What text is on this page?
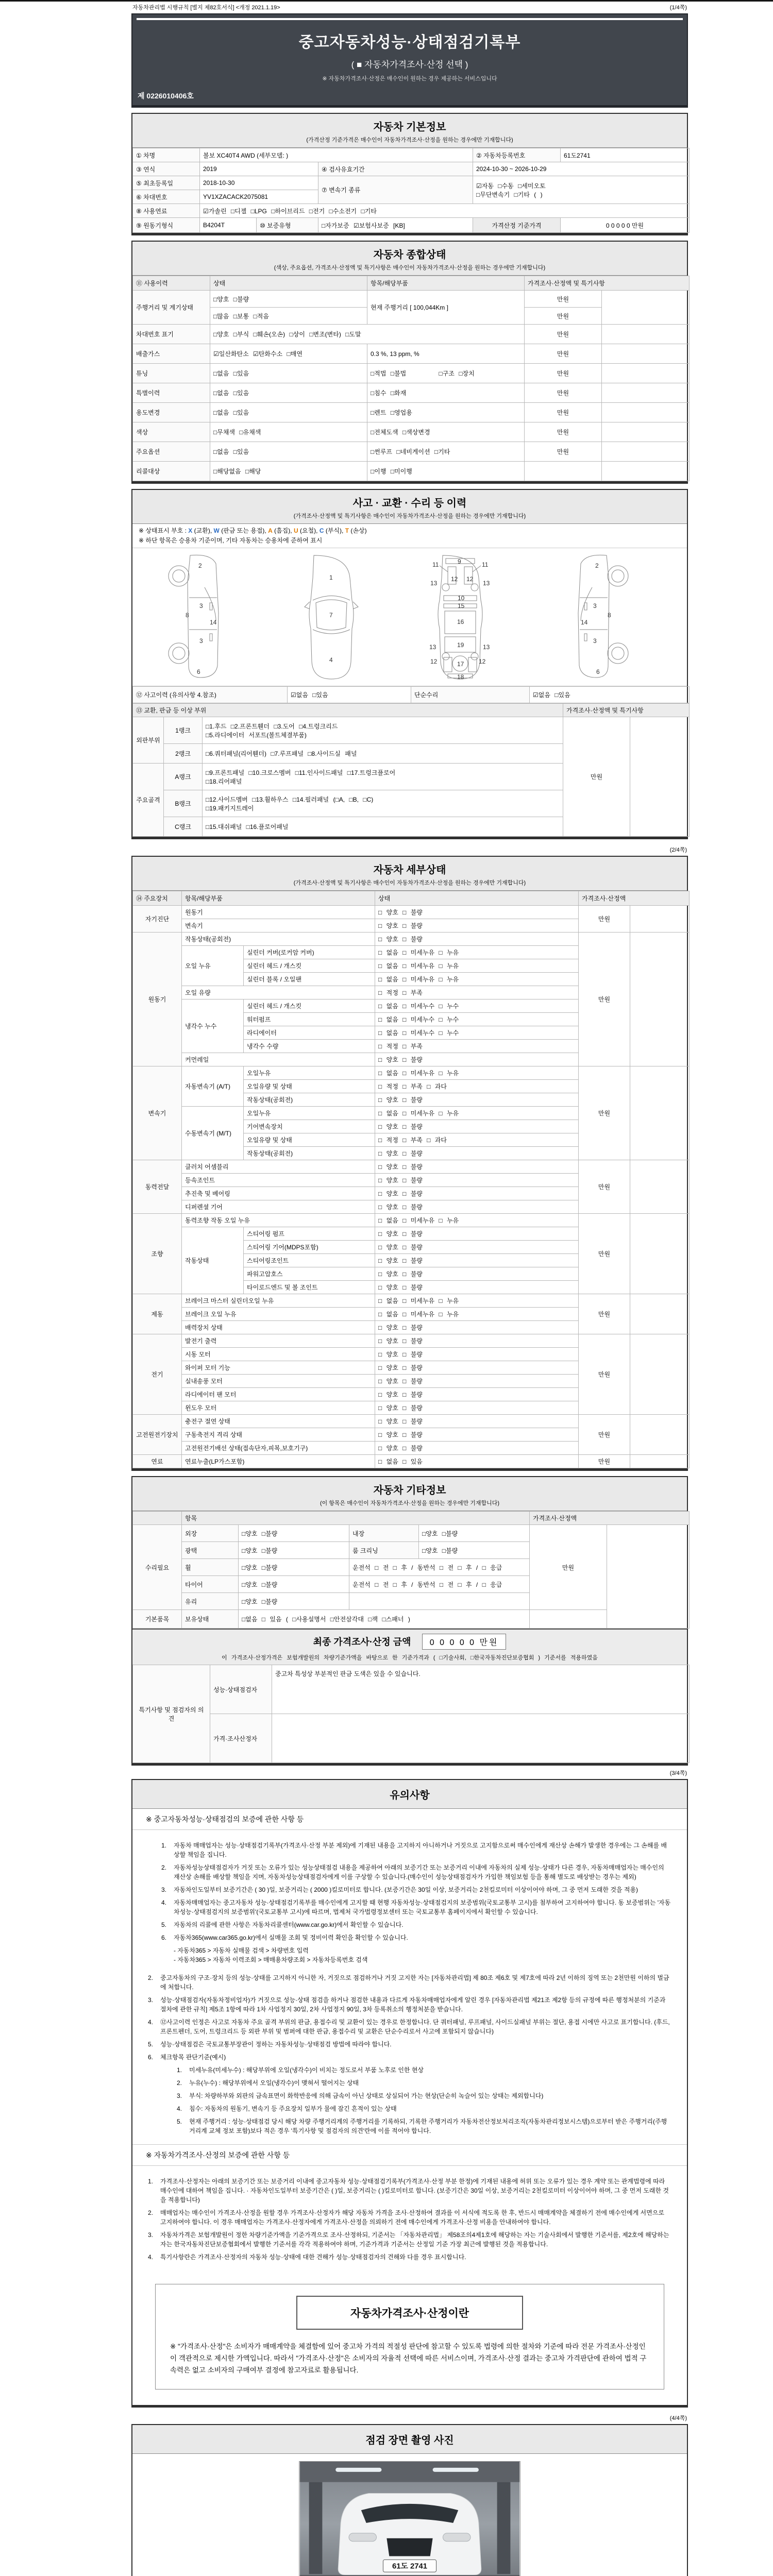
자동차관리법 시행규칙 [별지 제82호서식] <개정 2021.1.19>	(1/4쪽)
중고자동차성능·상태점검기록부
( ■ 자동차가격조사·산정 선택 )
※ 자동차가격조사·산정은 매수인이 원하는 경우 제공하는 서비스입니다
제 0226010406호
자동차 기본정보
(가격산정 기준가격은 매수인이 자동차가격조사·산정을 원하는 경우에만 기재합니다)
① 차명	볼보 XC40T4 AWD (세부모델: )			② 자동차등록번호	61도2741
③ 연식	2019		④ 검사유효기간	2024-10-30 ~ 2026-10-29	
⑤ 최초등록일	2018-10-30		⑦ 변속기 종류	☑자동 □수동 □세미오토
□무단변속기 □기타 ( )	

⑥ 차대번호	YV1XZACACK2075081				
⑧ 사용연료	☑가솔린 □디젤 □LPG □하이브리드 □전기 □수소전기 □기타				
⑨ 원동기형식	B4204T	⑩ 보증유형	□자가보증 ☑보험사보증 [KB]	가격산정 기준가격	0 0 0 0 0 만원
자동차 종합상태
(색상, 주요옵션, 가격조사·산정액 및 특기사항은 매수인이 자동차가격조사·산정을 원하는 경우에만 기재합니다)
⑪ 사용이력	상태	항목/해당부품	가격조사·산정액 및 특기사항	
주행거리 및 계기상태	□양호 □불량	현재 주행거리 [ 100,044Km ]	만원	
	□많음 □보통 □적음		만원	
차대번호 표기	□양호 □부식 □훼손(오손) □상이 □변조(변타) □도말		만원	
배출가스	☑일산화탄소 ☑탄화수소 □매연	0.3 %, 13 ppm, %	만원	
튜닝	□없음 □있음	□적법 □불법 □구조 □장치	만원	
특별이력	□없음 □있음	□침수 □화재	만원	
용도변경	□없음 □있음	□렌트 □영업용	만원	
색상	□무채색 □유채색	□전체도색 □색상변경	만원	
주요옵션	□없음 □있음	□썬루프 □네비게이션 □기타	만원	
리콜대상	□해당없음 □해당	□이행 □미이행		
사고 · 교환 · 수리 등 이력
(가격조사·산정액 및 특기사항은 매수인이 자동차가격조사·산정을 원하는 경우에만 기재합니다)
※ 상태표시 부호 : X (교환), W (판금 또는 용접), A (흠집), U (요철), C (부식), T (손상)
※ 하단 항목은 승용차 기준이며, 기타 자동차는 승용차에 준하여 표시
2
3
3
8
14
6
1
7
4
11	9	11
13
12 12
13
10
15
16
13	19	13
12	17 12
18
2
3
3
8
14
6
⑫ 사고이력 (유의사항 4.참조)	☑없음 □있음	단순수리	☑없음 □있음
⑬ 교환, 판금 등 이상 부위			가격조사·산정액 및 특기사항	
외판부위	1랭크	□1.후드 □2.프론트휀더 □3.도어 □4.트렁크리드
□5.라디에이터 서포트(볼트체결부품)	만원	
	2랭크	□6.쿼터패널(리어휀더) □7.루프패널 □8.사이드실 패널		
주요골격	A랭크	□9.프론트패널 □10.크로스멤버 □11.인사이드패널 □17.트렁크플로어
□18.리어패널		

	B랭크	□12.사이드멤버 □13.휠하우스 □14.필러패널 (□A, □B, □C)
□19.패키지트레이		

	C랭크	□15.대쉬패널 □16.플로어패널		
(2/4쪽)
자동차 세부상태
(가격조사·산정액 및 특기사항은 매수인이 자동차가격조사·산정을 원하는 경우에만 기재합니다)
⑭ 주요장치	항목/해당부품		상태	가격조사·산정액	
자기진단	원동기		□ 양호 □ 불량	만원	
	변속기		□ 양호 □ 불량		
원동기	작동상태(공회전)		□ 양호 □ 불량	만원	
	오일 누유	실린더 커버(로커암 커버)	□ 없음 □ 미세누유 □ 누유		
		실린더 헤드 / 개스킷	□ 없음 □ 미세누유 □ 누유		
		실린더 블록 / 오일팬	□ 없음 □ 미세누유 □ 누유		
	오일 유량		□ 적정 □ 부족		
	냉각수 누수	실린더 헤드 / 개스킷	□ 없음 □ 미세누수 □ 누수		
		워터펌프	□ 없음 □ 미세누수 □ 누수		
		라디에이터	□ 없음 □ 미세누수 □ 누수		
		냉각수 수량	□ 적정 □ 부족		
	커먼레일		□ 양호 □ 불량		
변속기	자동변속기 (A/T)	오일누유	□ 없음 □ 미세누유 □ 누유	만원	
		오일유량 및 상태	□ 적정 □ 부족 □ 과다		
		작동상태(공회전)	□ 양호 □ 불량		
	수동변속기 (M/T)	오일누유	□ 없음 □ 미세누유 □ 누유		
		기어변속장치	□ 양호 □ 불량		
		오일유량 및 상태	□ 적정 □ 부족 □ 과다		
		작동상태(공회전)	□ 양호 □ 불량		
동력전달	클러치 어셈블리		□ 양호 □ 불량	만원	
	등속조인트		□ 양호 □ 불량		
	추진축 및 베어링		□ 양호 □ 불량		
	디퍼렌셜 기어		□ 양호 □ 불량		
조향	동력조향 작동 오일 누유		□ 없음 □ 미세누유 □ 누유	만원	
	작동상태	스티어링 펌프	□ 양호 □ 불량		
		스티어링 기어(MDPS포함)	□ 양호 □ 불량		
		스티어링조인트	□ 양호 □ 불량		
		파워고압호스	□ 양호 □ 불량		
		타이로드엔드 및 볼 조인트	□ 양호 □ 불량		
제동	브레이크 마스터 실린더오일 누유		□ 없음 □ 미세누유 □ 누유	만원	
	브레이크 오일 누유		□ 없음 □ 미세누유 □ 누유		
	배력장치 상태		□ 양호 □ 불량		
전기	발전기 출력		□ 양호 □ 불량	만원	
	시동 모터		□ 양호 □ 불량		
	와이퍼 모터 기능		□ 양호 □ 불량		
	실내송풍 모터		□ 양호 □ 불량		
	라디에이터 팬 모터		□ 양호 □ 불량		
	윈도우 모터		□ 양호 □ 불량		
고전원전기장치	충전구 절연 상태		□ 양호 □ 불량	만원	
	구동축전지 격리 상태		□ 양호 □ 불량		
	고전원전기배선 상태(접속단자,피복,보호기구)		□ 양호 □ 불량		
연료	연료누출(LP가스포함)		□ 없음 □ 있음	만원	
자동차 기타정보
(이 항목은 매수인이 자동차가격조사·산정을 원하는 경우에만 기재합니다)
	항목				가격조사·산정액	
수리필요	외장	□양호 □불량	내장	□양호 □불량	만원	
	광택	□양호 □불량	룸 크리닝	□양호 □불량		
	휠	□양호 □불량	운전석 □ 전 □ 후 / 동반석 □ 전 □ 후 / □ 응급			
	타이어	□양호 □불량	운전석 □ 전 □ 후 / 동반석 □ 전 □ 후 / □ 응급			
	유리	□양호 □불량				
기본품목	보유상태	□없음 □ 있음 ( □사용설명서 □안전삼각대 □잭 □스패너 )				
최종 가격조사·산정 금액 0 0 0 0 0 만원
이 가격조사·산정가격은 보험개발원의 차량기준가액을 바탕으로 한 기준가격과 ( □기술사회, □한국자동차진단보증협회 ) 기준서를 적용하였음
특기사항 및 점검자의 의견	성능·상태점검자	중고차 특성상 부분적인 판금 도색은 있을 수 있습니다.
	가격·조사산정자	
(3/4쪽)
유의사항
※ 중고자동차성능·상태점검의 보증에 관한 사항 등
1.	자동차 매매업자는 성능·상태점검기록부(가격조사·산정 부분 제외)에 기재된 내용을 고지하지 아니하거나 거짓으로 고지함으로써 매수인에게 재산상 손해가 발생한 경우에는 그 손해를 배상할 책임을 집니다.
2.	자동차성능상태점검자가 거짓 또는 오류가 있는 성능상태점검 내용을 제공하여 아래의 보증기간 또는 보증거리 이내에 자동차의 실제 성능·상태가 다른 경우, 자동차매매업자는 매수인의 재산상 손해를 배상할 책임을 지며, 자동차성능상태점검자에게 이를 구상할 수 있습니다.(매수인이 성능상태점검자가 가입한 책임보험 등을 통해 별도로 배상받는 경우는 제외)
3.	자동차인도일부터 보증기간은 ( 30 )일, 보증거리는 ( 2000 )킬로미터로 합니다. (보증기간은 30일 이상, 보증거리는 2천킬로미터 이상이어야 하며, 그 중 먼저 도래한 것을 적용)
4.	자동차매매업자는 중고자동차 성능·상태점검기록부를 매수인에게 고지할 때 현행 자동차성능·상태점검지의 보증범위(국토교통부 고시)를 첨부하여 고지하여야 합니다. 동 보증범위는 '자동차성능·상태점검지의 보증범위'(국토교통부 고시)에 따르며, 법제처 국가법령정보센터 또는 국토교통부 홈페이지에서 확인할 수 있습니다.
5.	자동차의 리콜에 관한 사항은 자동차리콜센터(www.car.go.kr)에서 확인할 수 있습니다.
6.	자동차365(www.car365.go.kr)에서 실매물 조회 및 정비이력 확인을 확인할 수 있습니다.
- 자동차365 > 자동차 실매물 검색 > 차량번호 입력
- 자동차365 > 자동차 이력조회 > 매매용차량조회 > 자동차등록번호 검색
2.	중고자동차의 구조·장치 등의 성능·상태를 고지하지 아니한 자, 거짓으로 점검하거나 거짓 고지한 자는 [자동차관리법] 제 80조 제6호 및 제7호에 따라 2년 이하의 징역 또는 2천만원 이하의 벌금에 처합니다.
3.	성능·상태점검자(자동차정비업자)가 거짓으로 성능·상태 점검을 하거나 점검한 내용과 다르게 자동차매매업자에게 알린 경우 [자동차관리법 제21조 제2항 등의 규정에 따른 행정처분의 기준과 절차에 관한 규칙] 제5조 1항에 따라 1차 사업정지 30일, 2차 사업정지 90일, 3차 등록취소의 행정처분을 받습니다.
4.	⑫사고이력 인정은 사고로 자동차 주요 골격 부위의 판금, 용접수리 및 교환이 있는 경우로 한정합니다. 단 쿼터패널, 루프패널, 사이드실패널 부위는 절단, 용접 시에만 사고로 표기합니다. (후드, 프론트펜더, 도어, 트렁크리드 등 외판 부위 및 범퍼에 대한 판금, 용접수리 및 교환은 단순수리로서 사고에 포함되지 않습니다)
5.	성능·상태점검은 국토교통부장관이 정하는 자동차성능·상태점검 방법에 따라야 합니다.
6.	체크항목 판단기준(예시)
1.	미세누유(미세누수) : 해당부위에 오일(냉각수)이 비치는 정도로서 부품 노후로 인한 현상
2.	누유(누수) : 해당부위에서 오일(냉각수)이 맺혀서 떨어지는 상태
3.	부식: 차량하부와 외판의 금속표면이 화학반응에 의해 금속이 아닌 상태로 상실되어 가는 현상(단순히 녹슬어 있는 상태는 제외합니다)
4.	침수: 자동차의 원동기, 변속기 등 주요장치 일부가 물에 잠긴 흔적이 있는 상태
5.	현재 주행거리 : 성능·상태점검 당시 해당 차량 주행거리계의 주행거리를 기록하되, 기록한 주행거리가 자동차전산정보처리조직(자동차관리정보시스템)으로부터 받은 주행거리(주행거리계 교체 정보 포함)보다 적은 경우 '특기사항 및 점검자의 의견'란에 이를 적어야 합니다.
※ 자동차가격조사·산정의 보증에 관한 사항 등
1.	가격조사·산정자는 아래의 보증기간 또는 보증거리 이내에 중고자동차 성능·상태점검기록부(가격조사·산정 부분 한정)에 기재된 내용에 허위 또는 오류가 있는 경우 계약 또는 관계법령에 따라 매수인에 대하여 책임을 집니다. · 자동차인도일부터 보증기간은 ( )일, 보증거리는 ( )킬로미터로 합니다. (보증기간은 30일 이상, 보증거리는 2천킬로미터 이상이어야 하며, 그 중 먼저 도래한 것을 적용합니다)
2.	매매업자는 매수인이 가격조사·산정을 원할 경우 가격조사·산정자가 해당 자동차 가격을 조사·산정하여 결과를 이 서식에 적도록 한 후, 반드시 매매계약을 체결하기 전에 매수인에게 서면으로 고지하여야 합니다. 이 경우 매매업자는 가격조사·산정자에게 가격조사·산정을 의뢰하기 전에 매수인에게 가격조사·산정 비용을 안내하여야 합니다.
3.	자동차가격은 보험개발원이 정한 차량기준가액을 기준가격으로 조사·산정하되, 기준서는 「자동차관리법」 제58조의4제1호에 해당하는 자는 기술사회에서 발행한 기준서를, 제2호에 해당하는 자는 한국자동차진단보증협회에서 발행한 기준서를 각각 적용하여야 하며, 기준가격과 기준서는 산정일 기준 가장 최근에 발행된 것을 적용합니다.
4.	특기사항란은 가격조사·산정자의 자동차 성능·상태에 대한 견해가 성능·상태점검자의 견해와 다를 경우 표시합니다.
자동차가격조사·산정이란
※ "가격조사·산정"은 소비자가 매매계약을 체결함에 있어 중고차 가격의 적절성 판단에 참고할 수 있도록 법령에 의한 절차와 기준에 따라 전문 가격조사·산정인이 객관적으로 제시한 가액입니다. 따라서 "가격조사·산정"은 소비자의 자율적 선택에 따른 서비스이며, 가격조사·산정 결과는 중고차 가격판단에 관하여 법적 구속력은 없고 소비자의 구매여부 결정에 참고자료로 활용됩니다.
(4/4쪽)
점검 장면 촬영 사진
61도 2741
